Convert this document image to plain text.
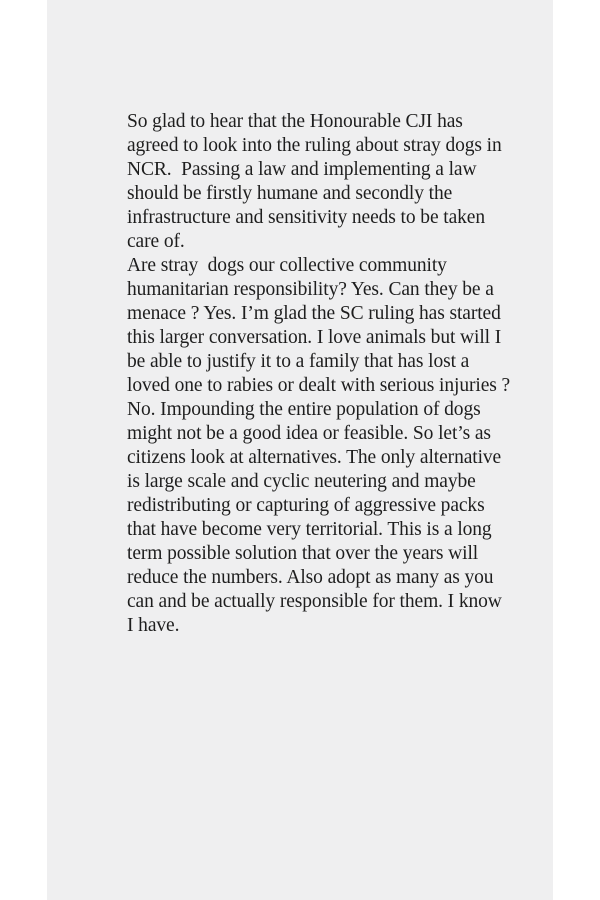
So glad to hear that the Honourable CJI has
agreed to look into the ruling about stray dogs in
NCR.  Passing a law and implementing a law
should be firstly humane and secondly the
infrastructure and sensitivity needs to be taken
care of.
Are stray  dogs our collective community
humanitarian responsibility? Yes. Can they be a
menace ? Yes. I’m glad the SC ruling has started
this larger conversation. I love animals but will I
be able to justify it to a family that has lost a
loved one to rabies or dealt with serious injuries ?
No. Impounding the entire population of dogs
might not be a good idea or feasible. So let’s as
citizens look at alternatives. The only alternative
is large scale and cyclic neutering and maybe
redistributing or capturing of aggressive packs
that have become very territorial. This is a long
term possible solution that over the years will
reduce the numbers. Also adopt as many as you
can and be actually responsible for them. I know
I have.
